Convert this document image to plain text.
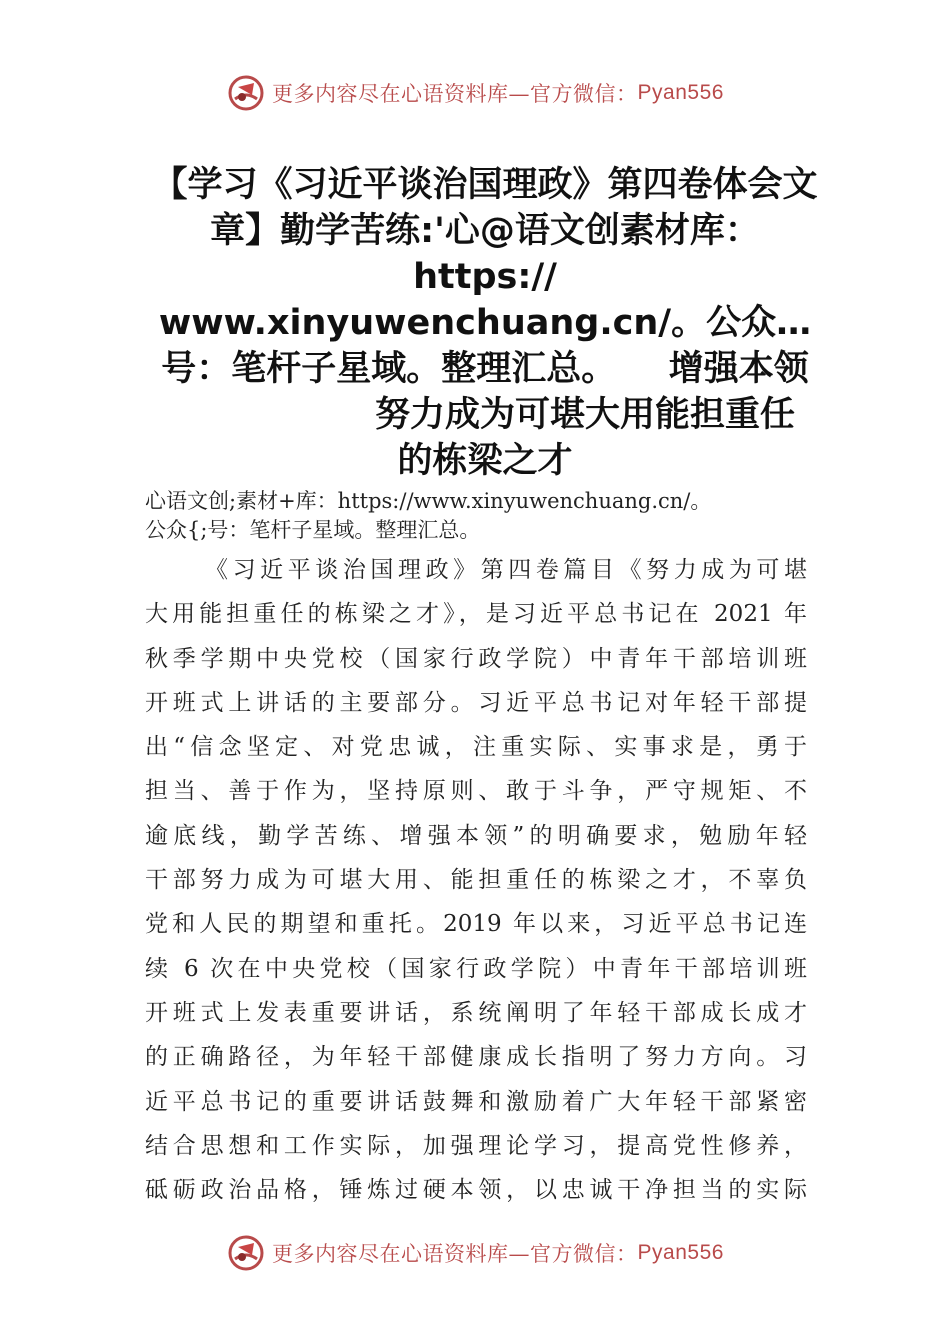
更多内容尽在心语资料库—官方微信： Pyan556
【学习《习近平谈治国理政》第四卷体会文
章】勤学苦练:'心@语文创素材库：
https://
www.xinyuwenchuang.cn/。公众…
号：笔杆子星域。整理汇总。　　增强本领
努力成为可堪大用能担重任
的栋梁之才
心语文创;素材+库：https://www.xinyuwenchuang.cn/。
公众{;号：笔杆子星域。整理汇总。
《习近平谈治国理政》第四卷篇目《努力成为可堪
大用能担重任的栋梁之才》，是习近平总书记在 2021 年
秋季学期中央党校（国家行政学院）中青年干部培训班
开班式上讲话的主要部分。习近平总书记对年轻干部提
出“信念坚定、对党忠诚，注重实际、实事求是，勇于
担当、善于作为，坚持原则、敢于斗争，严守规矩、不
逾底线，勤学苦练、增强本领”的明确要求，勉励年轻
干部努力成为可堪大用、能担重任的栋梁之才，不辜负
党和人民的期望和重托。2019 年以来，习近平总书记连
续 6 次在中央党校（国家行政学院）中青年干部培训班
开班式上发表重要讲话，系统阐明了年轻干部成长成才
的正确路径，为年轻干部健康成长指明了努力方向。习
近平总书记的重要讲话鼓舞和激励着广大年轻干部紧密
结合思想和工作实际，加强理论学习，提高党性修养，
砥砺政治品格，锤炼过硬本领，以忠诚干净担当的实际
更多内容尽在心语资料库—官方微信： Pyan556
